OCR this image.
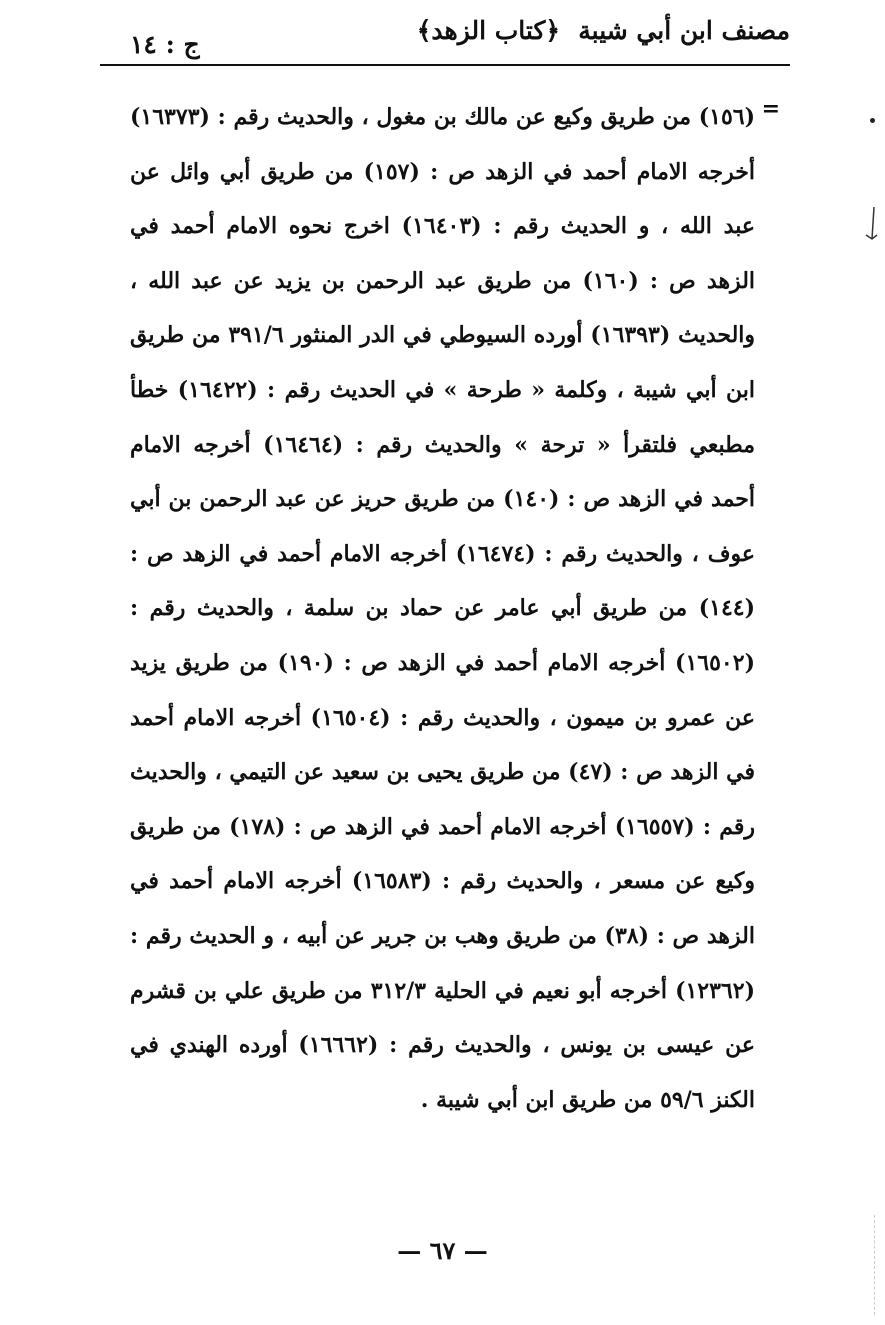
مصنف ابن أبي شيبة
﴿كتاب الزهد﴾
ج : ١٤
=
(١٥٦) من طريق وكيع عن مالك بن مغول ، والحديث رقم : (١٦٣٧٣) أخرجه الامام أحمد في الزهد ص : (١٥٧) من طريق أبي وائل عن عبد الله ، و الحديث رقم : (١٦٤٠٣) اخرج نحوه الامام أحمد في الزهد ص : (١٦٠) من طريق عبد الرحمن بن يزيد عن عبد الله ، والحديث (١٦٣٩٣) أورده السيوطي في الدر المنثور ٣٩١/٦ من طريق ابن أبي شيبة ، وكلمة « طرحة » في الحديث رقم : (١٦٤٢٢) خطأ مطبعي فلتقرأ « ترحة » والحديث رقم : (١٦٤٦٤) أخرجه الامام أحمد في الزهد ص : (١٤٠) من طريق حريز عن عبد الرحمن بن أبي عوف ، والحديث رقم : (١٦٤٧٤) أخرجه الامام أحمد في الزهد ص : (١٤٤) من طريق أبي عامر عن حماد بن سلمة ، والحديث رقم : (١٦٥٠٢) أخرجه الامام أحمد في الزهد ص : (١٩٠) من طريق يزيد عن عمرو بن ميمون ، والحديث رقم : (١٦٥٠٤) أخرجه الامام أحمد في الزهد ص : (٤٧) من طريق يحيى بن سعيد عن التيمي ، والحديث رقم : (١٦٥٥٧) أخرجه الامام أحمد في الزهد ص : (١٧٨) من طريق وكيع عن مسعر ، والحديث رقم : (١٦٥٨٣) أخرجه الامام أحمد في الزهد ص : (٣٨) من طريق وهب بن جرير عن أبيه ، و الحديث رقم : (١٢٣٦٢) أخرجه أبو نعيم في الحلية ٣١٢/٣ من طريق علي بن قشرم عن عيسى بن يونس ، والحديث رقم : (١٦٦٦٢) أورده الهندي في الكنز ٥٩/٦ من طريق ابن أبي شيبة .
— ٦٧ —
